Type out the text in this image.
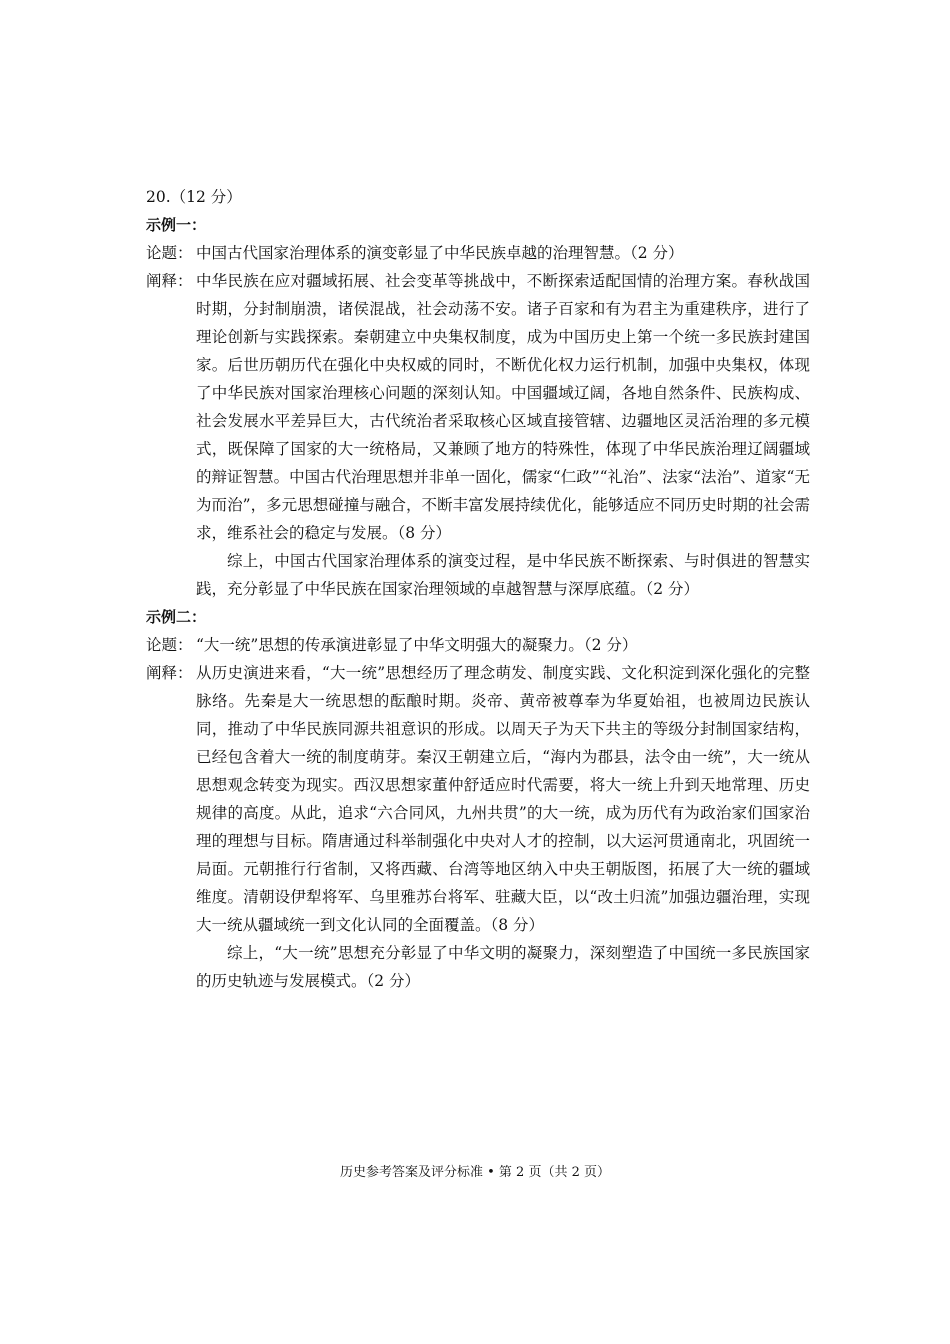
20.（12 分）

示例一：

论题： 中国古代国家治理体系的演变彰显了中华民族卓越的治理智慧。（2 分）
阐释： 中华民族在应对疆域拓展、社会变革等挑战中，不断探索适配国情的治理方案。春秋战国时期，分封制崩溃，诸侯混战，社会动荡不安。诸子百家和有为君主为重建秩序，进行了理论创新与实践探索。秦朝建立中央集权制度，成为中国历史上第一个统一多民族封建国家。后世历朝历代在强化中央权威的同时，不断优化权力运行机制，加强中央集权，体现了中华民族对国家治理核心问题的深刻认知。中国疆域辽阔，各地自然条件、民族构成、社会发展水平差异巨大，古代统治者采取核心区域直接管辖、边疆地区灵活治理的多元模式，既保障了国家的大一统格局，又兼顾了地方的特殊性，体现了中华民族治理辽阔疆域的辩证智慧。中国古代治理思想并非单一固化，儒家“仁政”“礼治”、法家“法治”、道家“无为而治”，多元思想碰撞与融合，不断丰富发展持续优化，能够适应不同历史时期的社会需求，维系社会的稳定与发展。（8 分）

综上，中国古代国家治理体系的演变过程，是中华民族不断探索、与时俱进的智慧实践，充分彰显了中华民族在国家治理领域的卓越智慧与深厚底蕴。（2 分）

示例二：

论题： “大一统”思想的传承演进彰显了中华文明强大的凝聚力。（2 分）
阐释： 从历史演进来看，“大一统”思想经历了理念萌发、制度实践、文化积淀到深化强化的完整脉络。先秦是大一统思想的酝酿时期。炎帝、黄帝被尊奉为华夏始祖，也被周边民族认同，推动了中华民族同源共祖意识的形成。以周天子为天下共主的等级分封制国家结构，已经包含着大一统的制度萌芽。秦汉王朝建立后，“海内为郡县，法令由一统”，大一统从思想观念转变为现实。西汉思想家董仲舒适应时代需要，将大一统上升到天地常理、历史规律的高度。从此，追求“六合同风，九州共贯”的大一统，成为历代有为政治家们国家治理的理想与目标。隋唐通过科举制强化中央对人才的控制，以大运河贯通南北，巩固统一局面。元朝推行行省制，又将西藏、台湾等地区纳入中央王朝版图，拓展了大一统的疆域维度。清朝设伊犁将军、乌里雅苏台将军、驻藏大臣，以“改土归流”加强边疆治理，实现大一统从疆域统一到文化认同的全面覆盖。（8 分）

综上，“大一统”思想充分彰显了中华文明的凝聚力，深刻塑造了中国统一多民族国家的历史轨迹与发展模式。（2 分）

历史参考答案及评分标准 • 第 2 页（共 2 页）
